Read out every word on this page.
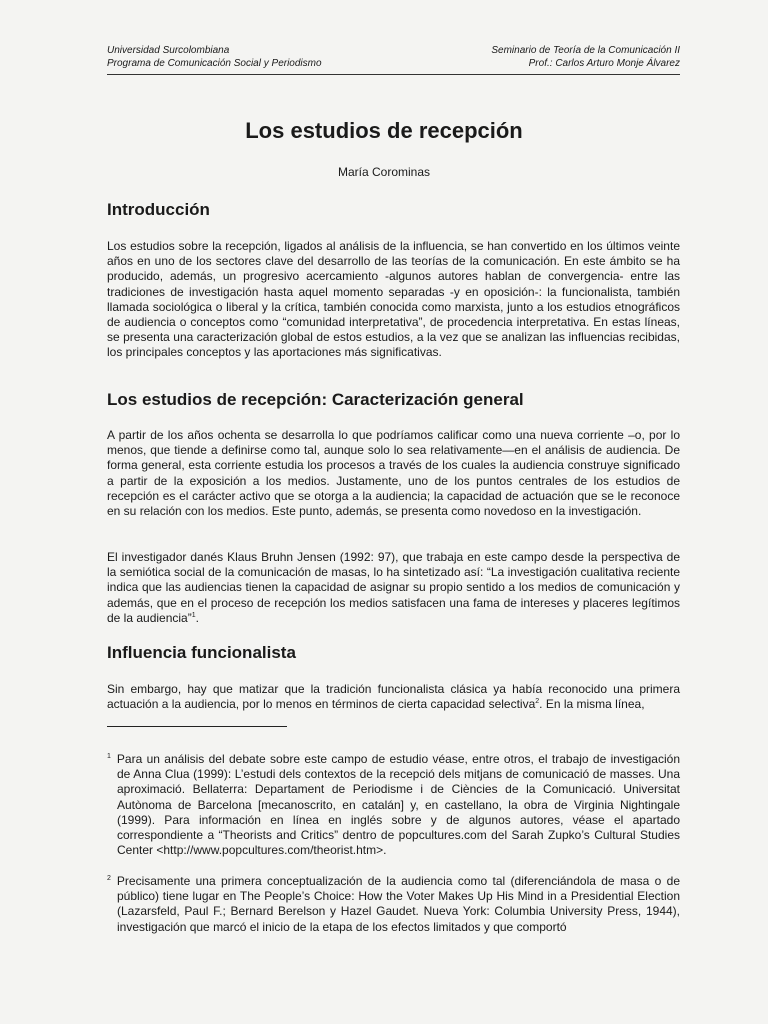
Universidad Surcolombiana
Programa de Comunicación Social y Periodismo
Seminario de Teoría de la Comunicación II
Prof.: Carlos Arturo Monje Álvarez
Los estudios de recepción
María Corominas
Introducción
Los estudios sobre la recepción, ligados al análisis de la influencia, se han convertido en los últimos veinte años en uno de los sectores clave del desarrollo de las teorías de la comunicación. En este ámbito se ha producido, además, un progresivo acercamiento -algunos autores hablan de convergencia- entre las tradiciones de investigación hasta aquel momento separadas -y en oposición-: la funcionalista, también llamada sociológica o liberal y la crítica, también conocida como marxista, junto a los estudios etnográficos de audiencia o conceptos como “comunidad interpretativa”, de procedencia interpretativa. En estas líneas, se presenta una caracterización global de estos estudios, a la vez que se analizan las influencias recibidas, los principales conceptos y las aportaciones más significativas.
Los estudios de recepción: Caracterización general
A partir de los años ochenta se desarrolla lo que podríamos calificar como una nueva corriente –o, por lo menos, que tiende a definirse como tal, aunque solo lo sea relativamente—en el análisis de audiencia. De forma general, esta corriente estudia los procesos a través de los cuales la audiencia construye significado a partir de la exposición a los medios. Justamente, uno de los puntos centrales de los estudios de recepción es el carácter activo que se otorga a la audiencia; la capacidad de actuación que se le reconoce en su relación con los medios. Este punto, además, se presenta como novedoso en la investigación.
El investigador danés Klaus Bruhn Jensen (1992: 97), que trabaja en este campo desde la perspectiva de la semiótica social de la comunicación de masas, lo ha sintetizado así: “La investigación cualitativa reciente indica que las audiencias tienen la capacidad de asignar su propio sentido a los medios de comunicación y además, que en el proceso de recepción los medios satisfacen una fama de intereses y placeres legítimos de la audiencia”$^1$.
Influencia funcionalista
Sin embargo, hay que matizar que la tradición funcionalista clásica ya había reconocido una primera actuación a la audiencia, por lo menos en términos de cierta capacidad selectiva$^2$. En la misma línea,
$^1$ Para un análisis del debate sobre este campo de estudio véase, entre otros, el trabajo de investigación de Anna Clua (1999): L’estudi dels contextos de la recepció dels mitjans de comunicació de masses. Una aproximació. Bellaterra: Departament de Periodisme i de Ciències de la Comunicació. Universitat Autònoma de Barcelona [mecanoscrito, en catalán] y, en castellano, la obra de Virginia Nightingale (1999). Para información en línea en inglés sobre y de algunos autores, véase el apartado correspondiente a “Theorists and Critics” dentro de popcultures.com del Sarah Zupko’s Cultural Studies Center <http://www.popcultures.com/theorist.htm>.
$^2$ Precisamente una primera conceptualización de la audiencia como tal (diferenciándola de masa o de público) tiene lugar en The People’s Choice: How the Voter Makes Up His Mind in a Presidential Election (Lazarsfeld, Paul F.; Bernard Berelson y Hazel Gaudet. Nueva York: Columbia University Press, 1944), investigación que marcó el inicio de la etapa de los efectos limitados y que comportó
